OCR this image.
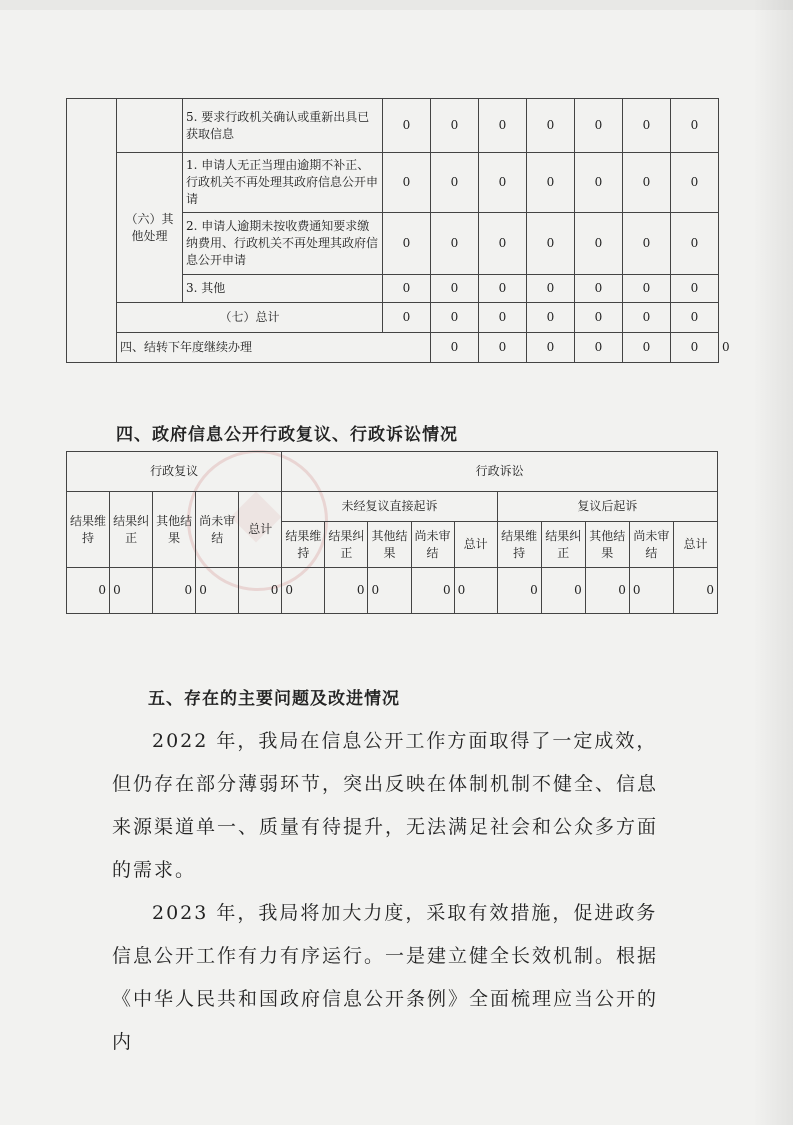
		5. 要求行政机关确认或重新出具已获取信息	0	0	0	0	0	0	0	
	（六）其他处理	1. 申请人无正当理由逾期不补正、行政机关不再处理其政府信息公开申请	0	0	0	0	0	0	0	
		2. 申请人逾期未按收费通知要求缴纳费用、行政机关不再处理其政府信息公开申请	0	0	0	0	0	0	0	
		3. 其他	0	0	0	0	0	0	0	
	（七）总计		0	0	0	0	0	0	0	
	四、结转下年度继续办理			0	0	0	0	0	0	0
四、政府信息公开行政复议、行政诉讼情况
行政复议					行政诉讼									
结果维持	结果纠正	其他结果	尚未审结	总计	未经复议直接起诉					复议后起诉				
					结果维持	结果纠正	其他结果	尚未审结	总计	结果维持	结果纠正	其他结果	尚未审结	总计
0	0	0	0	0	0	0	0	0	0	0	0	0	0	0
五、存在的主要问题及改进情况

2022 年，我局在信息公开工作方面取得了一定成效，但仍存在部分薄弱环节，突出反映在体制机制不健全、信息来源渠道单一、质量有待提升，无法满足社会和公众多方面的需求。

2023 年，我局将加大力度，采取有效措施，促进政务信息公开工作有力有序运行。一是建立健全长效机制。根据《中华人民共和国政府信息公开条例》全面梳理应当公开的内
